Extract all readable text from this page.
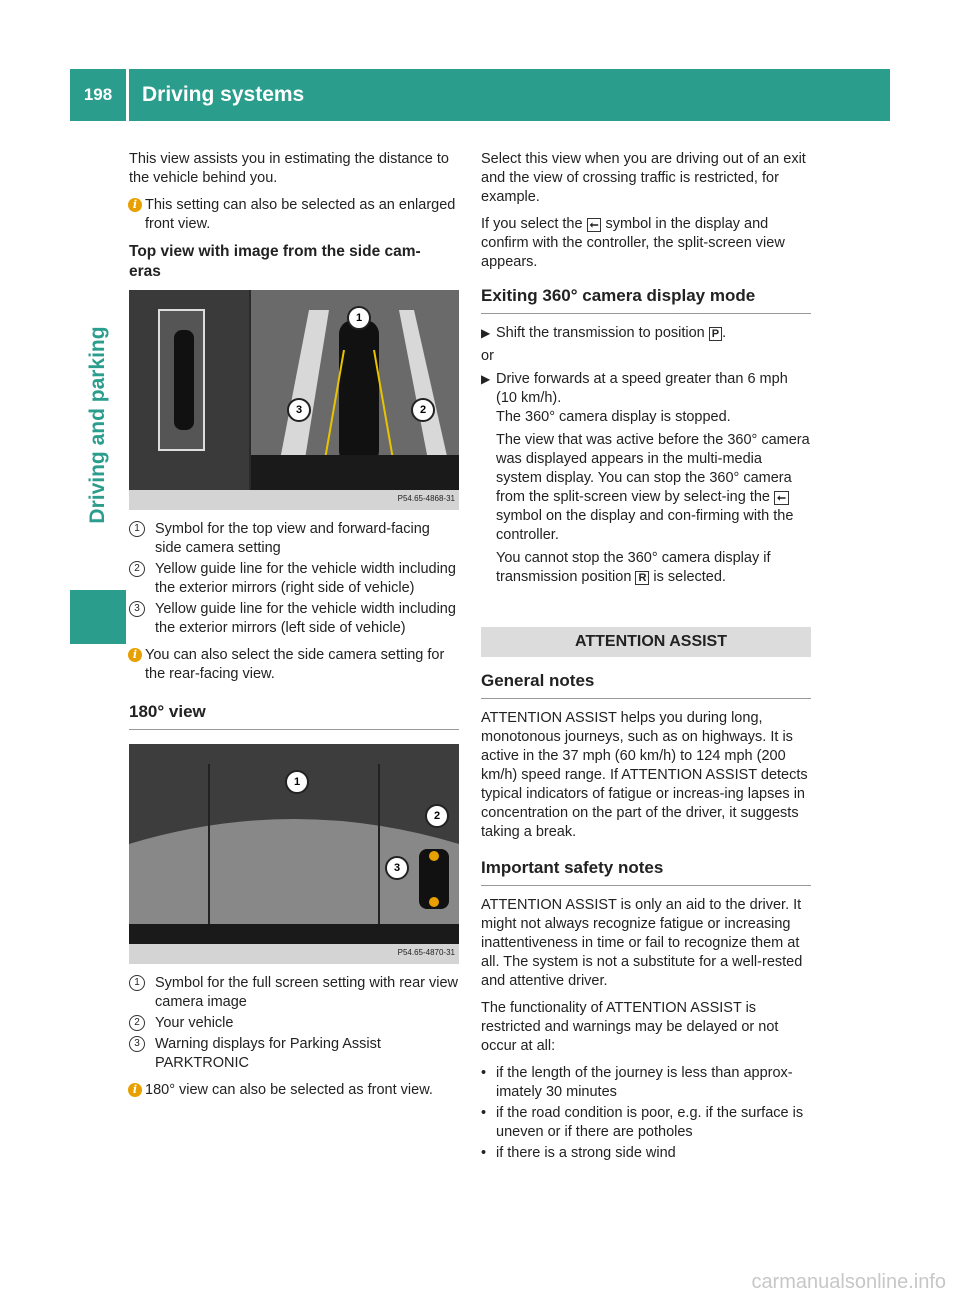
198	Driving systems
Driving and parking

This view assists you in estimating the distance to the vehicle behind you.

i This setting can also be selected as an enlarged front view.
Top view with image from the side cam-eras
1
2
3
P54.65-4868-31
1	Symbol for the top view and forward-facing side camera setting
2	Yellow guide line for the vehicle width including the exterior mirrors (right side of vehicle)
3	Yellow guide line for the vehicle width including the exterior mirrors (left side of vehicle)
i You can also select the side camera setting for the rear-facing view.
180° view
1
2
3
P54.65-4870-31
1	Symbol for the full screen setting with rear view camera image
2	Your vehicle
3	Warning displays for Parking Assist PARKTRONIC
i 180° view can also be selected as front view.

Select this view when you are driving out of an exit and the view of crossing traffic is restricted, for example.

If you select the ⭠ symbol in the display and confirm with the controller, the split-screen view appears.

Exiting 360° camera display mode
▶ Shift the transmission to position P .

or

▶ Drive forwards at a speed greater than 6 mph (10 km/h).
The 360° camera display is stopped.
The view that was active before the 360° camera was displayed appears in the multi-media system display. You can stop the 360° camera from the split-screen view by select-ing the ⭠ symbol on the display and con-firming with the controller.
You cannot stop the 360° camera display if transmission position R is selected.
ATTENTION ASSIST
General notes

ATTENTION ASSIST helps you during long, monotonous journeys, such as on highways. It is active in the 37 mph (60 km/h) to 124 mph (200 km/h) speed range. If ATTENTION ASSIST detects typical indicators of fatigue or increas-ing lapses in concentration on the part of the driver, it suggests taking a break.

Important safety notes

ATTENTION ASSIST is only an aid to the driver. It might not always recognize fatigue or increasing inattentiveness in time or fail to recognize them at all. The system is not a substitute for a well-rested and attentive driver.

The functionality of ATTENTION ASSIST is restricted and warnings may be delayed or not occur at all:

• if the length of the journey is less than approx-imately 30 minutes
• if the road condition is poor, e.g. if the surface is uneven or if there are potholes
• if there is a strong side wind
carmanualsonline.info
